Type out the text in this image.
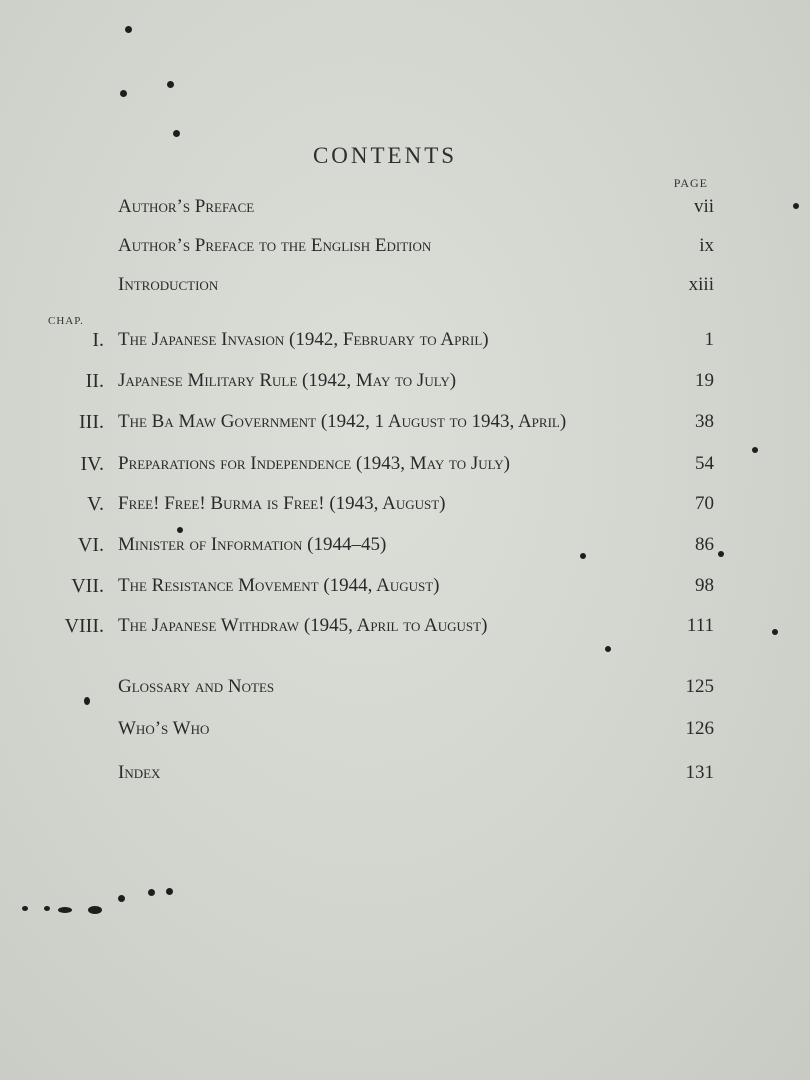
CONTENTS
PAGE
Author’s Preface	vii
Author’s Preface to the English Edition	ix
Introduction	xiii
CHAP.
I. The Japanese Invasion (1942, February to April)	1
II. Japanese Military Rule (1942, May to July)	19
III. The Ba Maw Government (1942, 1 August to 1943, April)	38
IV. Preparations for Independence (1943, May to July)	54
V. Free! Free! Burma is Free! (1943, August)	70
VI. Minister of Information (1944–45)	86
VII. The Resistance Movement (1944, August)	98
VIII. The Japanese Withdraw (1945, April to August)	111
Glossary and Notes	125
Who’s Who	126
Index	131
